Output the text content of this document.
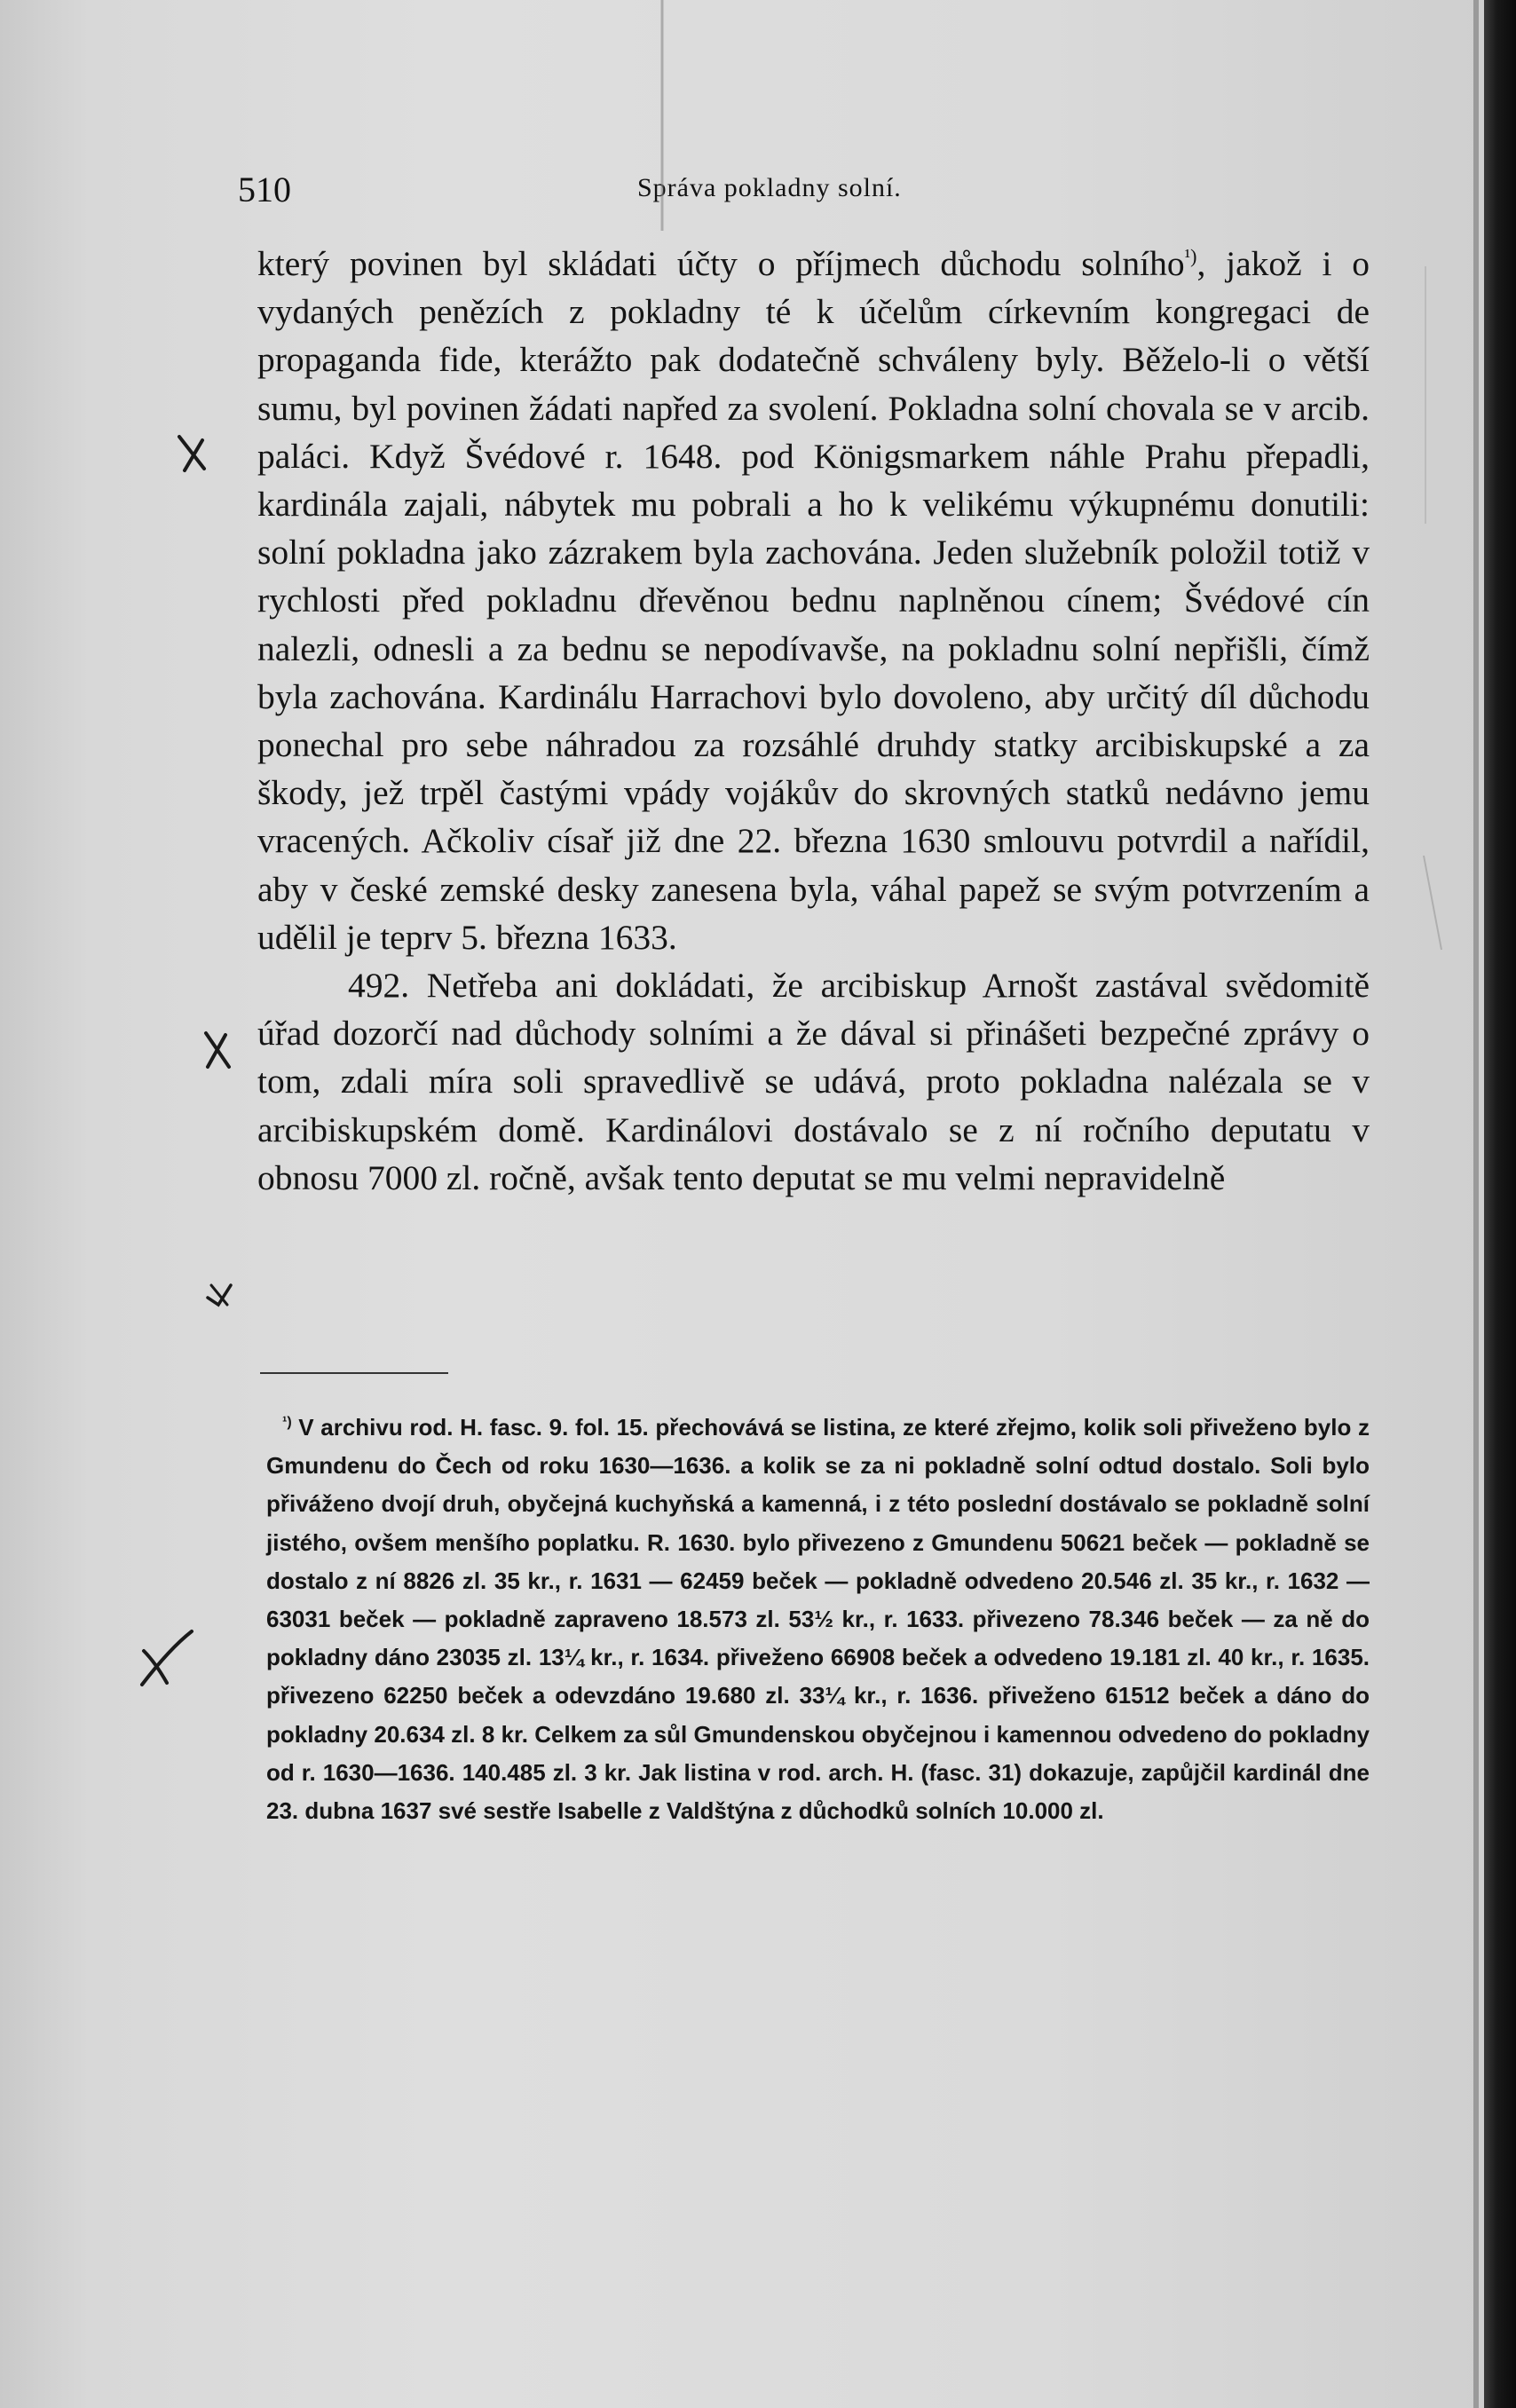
510	Správa pokladny solní.

který povinen byl skládati účty o příjmech důchodu solního$^{^1)}$, jakož i o vydaných penězích z pokladny té k účelům církevním kongregaci de propaganda fide, kterážto pak dodatečně schváleny byly. Běželo-li o větší sumu, byl povinen žádati napřed za svolení. Pokladna solní chovala se v arcib. paláci. Když Švédové r. 1648. pod Königsmarkem náhle Prahu přepadli, kardinála zajali, nábytek mu pobrali a ho k velikému výkupnému donutili: solní pokladna jako zázrakem byla zachována. Jeden služebník položil totiž v rychlosti před pokladnu dřevěnou bednu naplněnou cínem; Švédové cín nalezli, odnesli a za bednu se nepodívavše, na pokladnu solní nepřišli, čímž byla zachována. Kardinálu Harrachovi bylo dovoleno, aby určitý díl důchodu ponechal pro sebe náhradou za rozsáhlé druhdy statky arcibiskupské a za škody, jež trpěl častými vpády vojákův do skrovných statků nedávno jemu vracených. Ačkoliv císař již dne 22. března 1630 smlouvu potvrdil a nařídil, aby v české zemské desky zanesena byla, váhal papež se svým potvrzením a udělil je teprv 5. března 1633.

492. Netřeba ani dokládati, že arcibiskup Arnošt zastával svědomitě úřad dozorčí nad důchody solními a že dával si přinášeti bezpečné zprávy o tom, zdali míra soli spravedlivě se udává, proto pokladna nalézala se v arcibiskupském domě. Kardinálovi dostávalo se z ní ročního deputatu v obnosu 7000 zl. ročně, avšak tento deputat se mu velmi nepravidelně

$^{^1)}$ V archivu rod. H. fasc. 9. fol. 15. přechovává se listina, ze které zřejmo, kolik soli přiveženo bylo z Gmundenu do Čech od roku 1630—1636. a kolik se za ni pokladně solní odtud dostalo. Soli bylo přiváženo dvojí druh, obyčejná kuchyňská a kamenná, i z této poslední dostávalo se pokladně solní jistého, ovšem menšího poplatku. R. 1630. bylo přivezeno z Gmundenu 50621 beček — pokladně se dostalo z ní 8826 zl. 35 kr., r. 1631 — 62459 beček — pokladně odvedeno 20.546 zl. 35 kr., r. 1632 — 63031 beček — pokladně zapraveno 18.573 zl. 53½ kr., r. 1633. přivezeno 78.346 beček — za ně do pokladny dáno 23035 zl. 13¼ kr., r. 1634. přiveženo 66908 beček a odvedeno 19.181 zl. 40 kr., r. 1635. přivezeno 62250 beček a odevzdáno 19.680 zl. 33¼ kr., r. 1636. přiveženo 61512 beček a dáno do pokladny 20.634 zl. 8 kr. Celkem za sůl Gmundenskou obyčejnou i kamennou odvedeno do pokladny od r. 1630—1636. 140.485 zl. 3 kr. Jak listina v rod. arch. H. (fasc. 31) dokazuje, zapůjčil kardinál dne 23. dubna 1637 své sestře Isabelle z Valdštýna z důchodků solních 10.000 zl.
